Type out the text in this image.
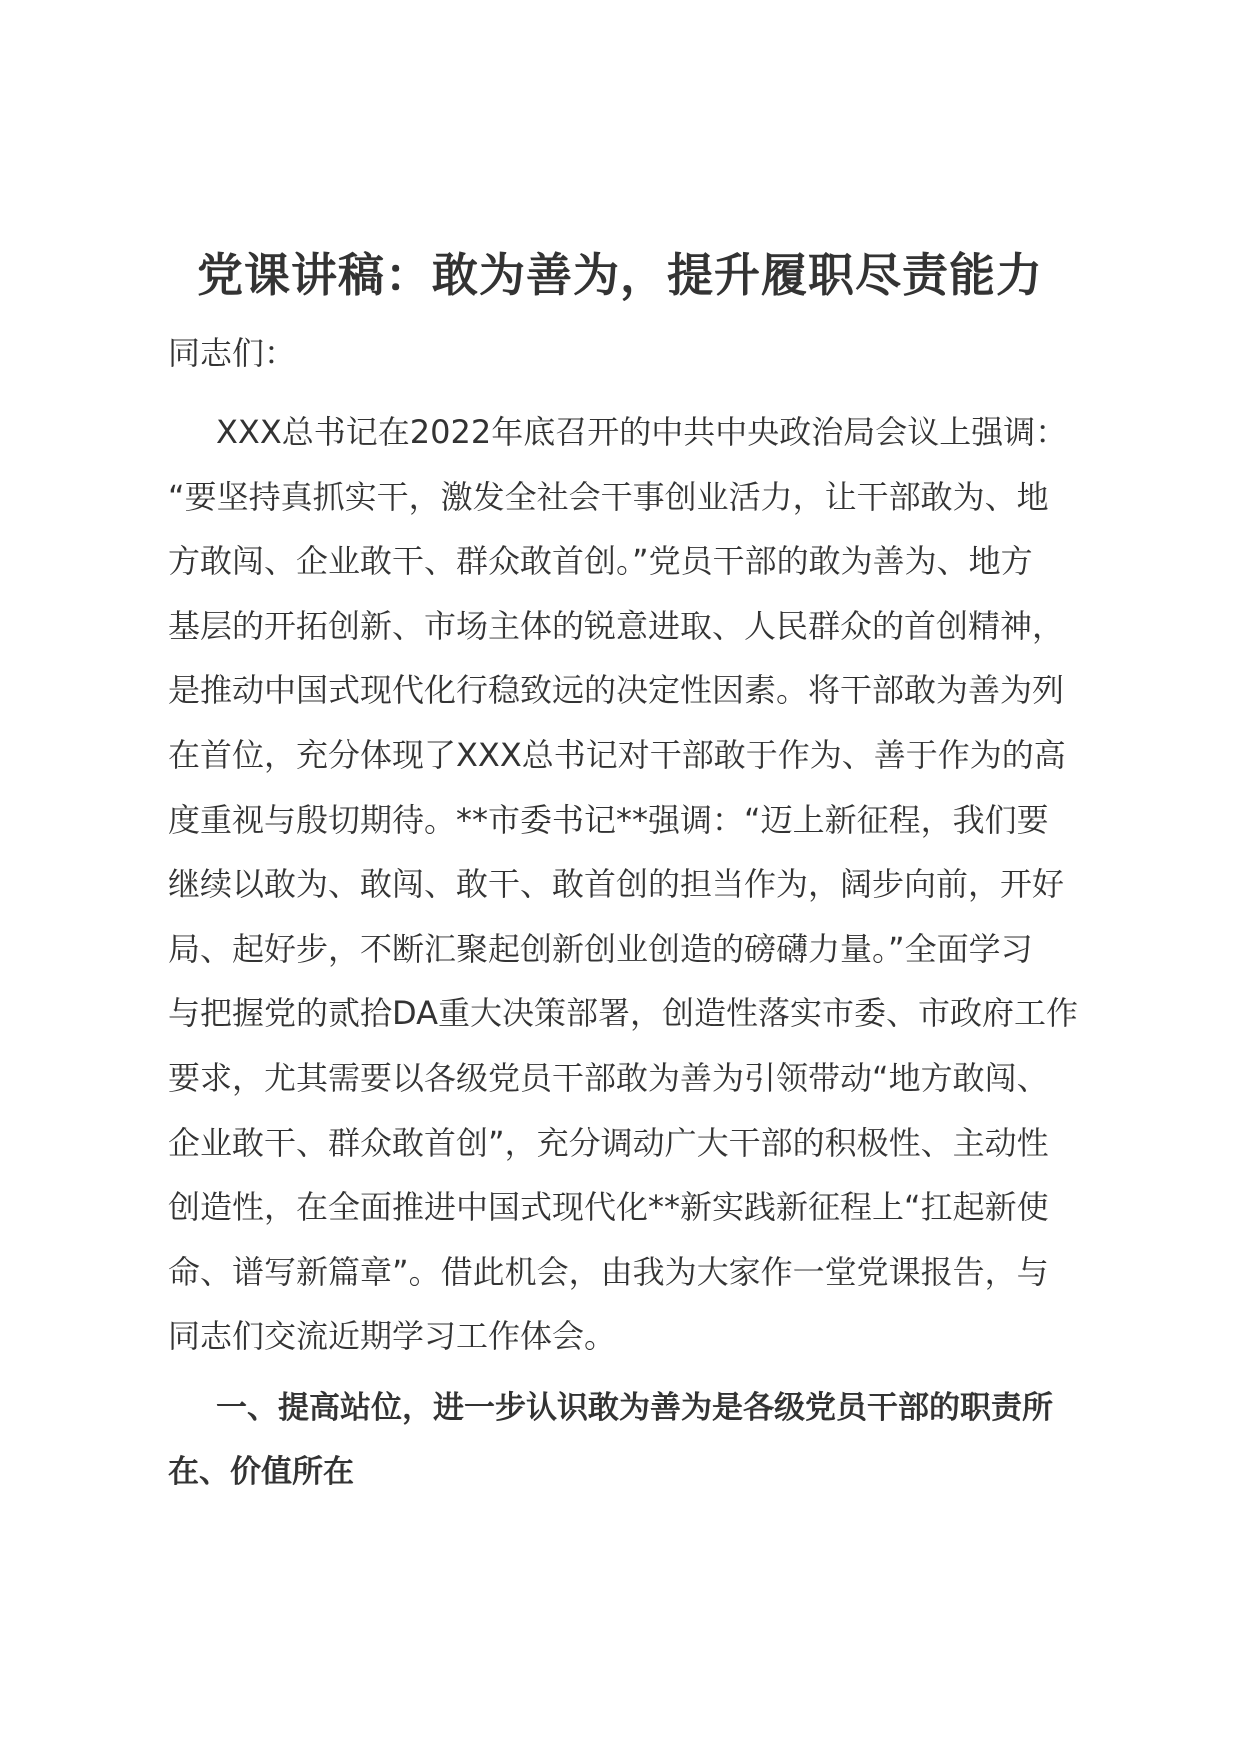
党课讲稿：敢为善为，提升履职尽责能力
同志们：
XXX总书记在2022年底召开的中共中央政治局会议上强调：
“要坚持真抓实干，激发全社会干事创业活力，让干部敢为、地
方敢闯、企业敢干、群众敢首创。”党员干部的敢为善为、地方
基层的开拓创新、市场主体的锐意进取、人民群众的首创精神，
是推动中国式现代化行稳致远的决定性因素。将干部敢为善为列
在首位，充分体现了XXX总书记对干部敢于作为、善于作为的高
度重视与殷切期待。**市委书记**强调：“迈上新征程，我们要
继续以敢为、敢闯、敢干、敢首创的担当作为，阔步向前，开好
局、起好步，不断汇聚起创新创业创造的磅礴力量。”全面学习
与把握党的贰拾DA重大决策部署，创造性落实市委、市政府工作
要求，尤其需要以各级党员干部敢为善为引领带动“地方敢闯、
企业敢干、群众敢首创”，充分调动广大干部的积极性、主动性
创造性，在全面推进中国式现代化**新实践新征程上“扛起新使
命、谱写新篇章”。借此机会，由我为大家作一堂党课报告，与
同志们交流近期学习工作体会。
一、提高站位，进一步认识敢为善为是各级党员干部的职责所
在、价值所在
